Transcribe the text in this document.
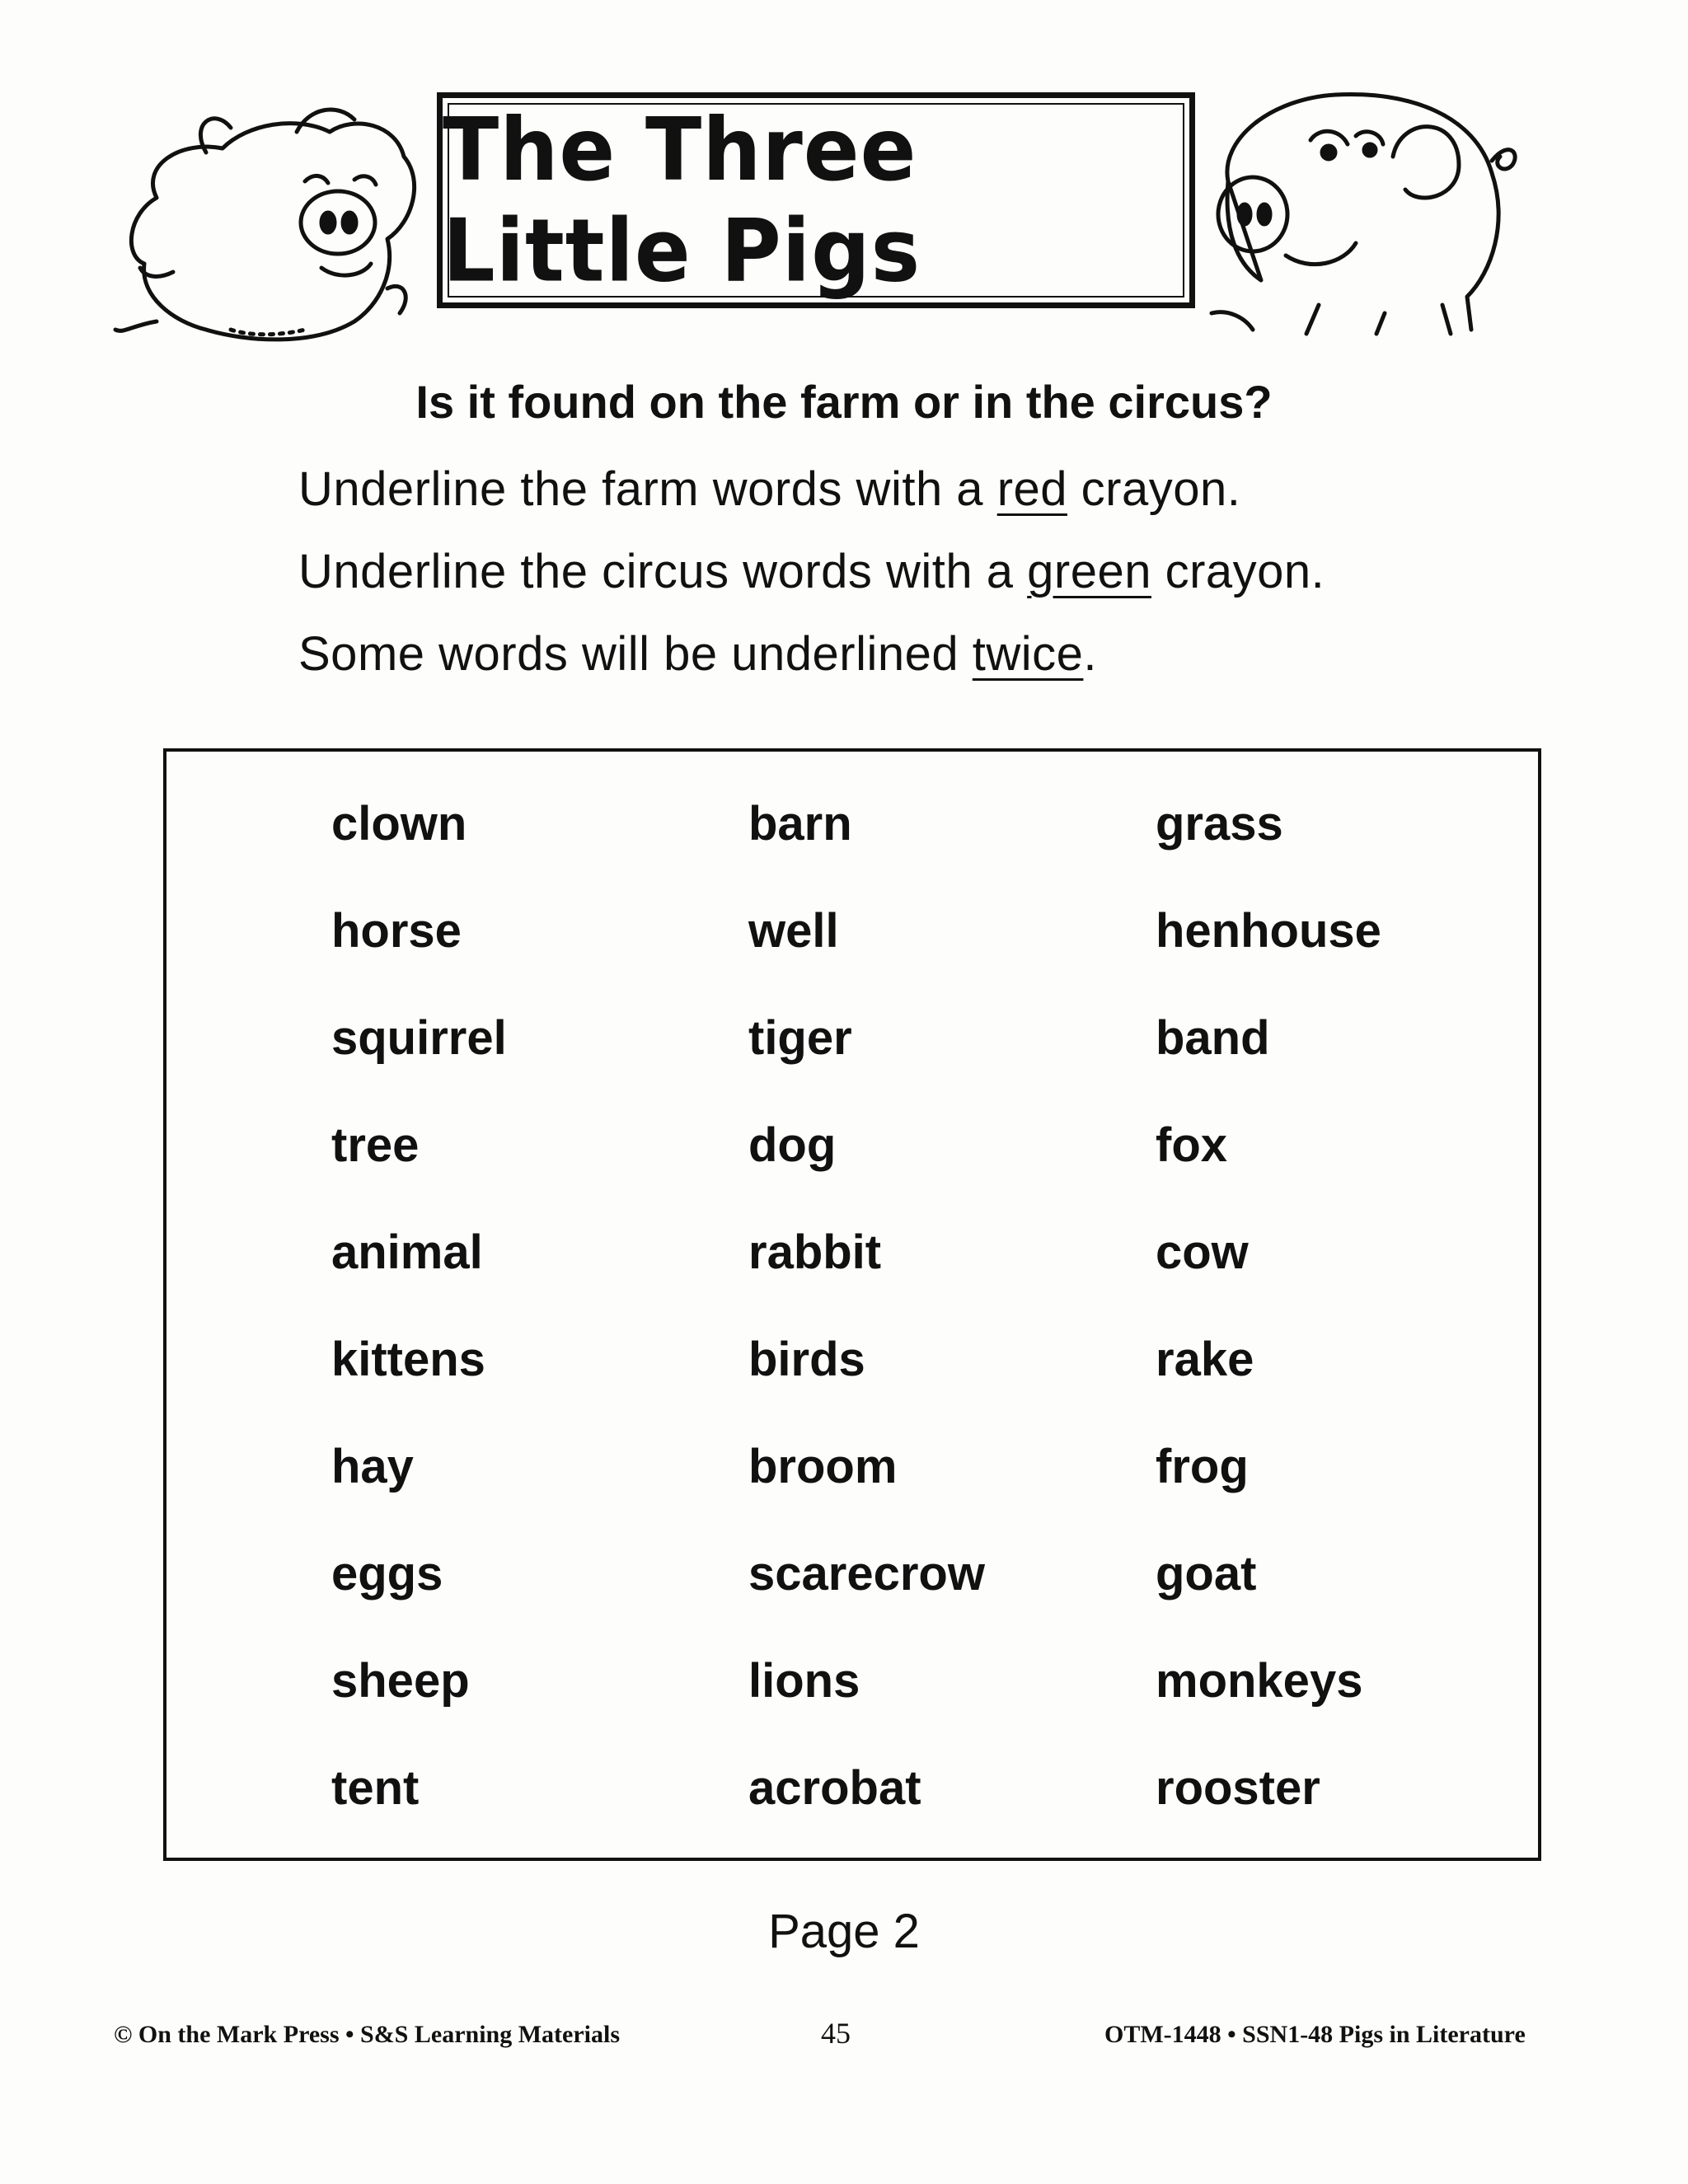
The Three Little Pigs
Is it found on the farm or in the circus?
Underline the farm words with a red crayon.
Underline the circus words with a green crayon.
Some words will be underlined twice.
clown
horse
squirrel
tree
animal
kittens
hay
eggs
sheep
tent
barn
well
tiger
dog
rabbit
birds
broom
scarecrow
lions
acrobat
grass
henhouse
band
fox
cow
rake
frog
goat
monkeys
rooster
Page 2
© On the Mark Press • S&S Learning Materials	45	OTM-1448 • SSN1-48 Pigs in Literature
